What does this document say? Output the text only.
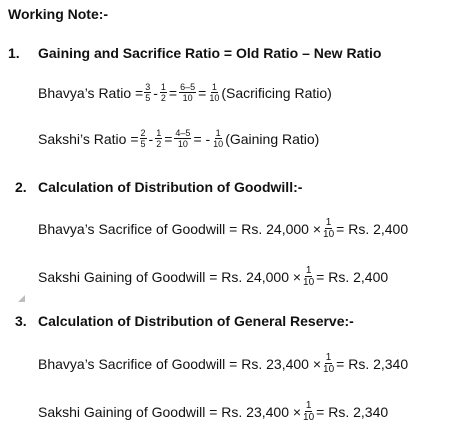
Working Note:-
1. Gaining and Sacrifice Ratio = Old Ratio – New Ratio
Bhavya’s Ratio = $\frac{3}{5} - \frac{1}{2} = \frac{6-5}{10} = \frac{1}{10}$ (Sacrificing Ratio)
Sakshi’s Ratio = $\frac{2}{5} - \frac{1}{2} = \frac{4-5}{10}$ = - $\frac{1}{10}$ (Gaining Ratio)
2. Calculation of Distribution of Goodwill:-
Bhavya’s Sacrifice of Goodwill = Rs. $24,000 \times \frac{1}{10} = Rs$. 2,400
Sakshi Gaining of Goodwill = Rs. $24,000 \times \frac{1}{10} = Rs$. 2,400
3. Calculation of Distribution of General Reserve:-
Bhavya’s Sacrifice of Goodwill = Rs. $23,400 \times \frac{1}{10} = Rs$. 2,340
Sakshi Gaining of Goodwill = Rs. $23,400 \times \frac{1}{10} = Rs$. 2,340
